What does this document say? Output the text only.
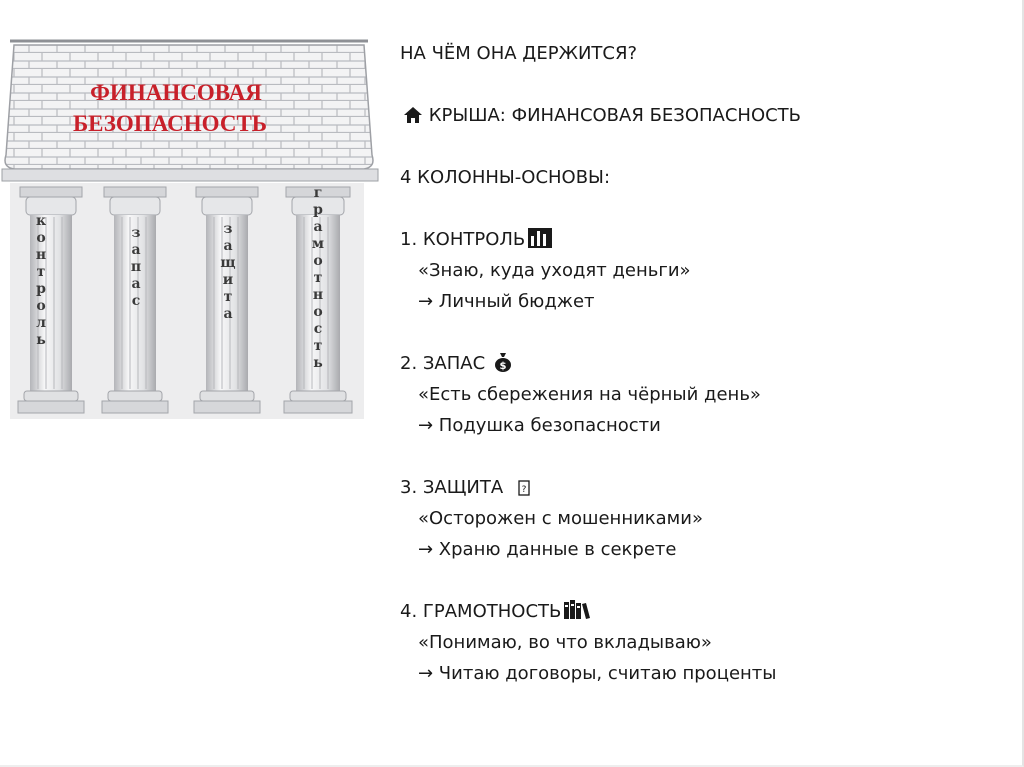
ФИНАНСОВАЯ
БЕЗОПАСНОСТЬ
к о н т р о л ь
з а п а с
з а щ и т а
г р а м о т н о с т ь
НА ЧЁМ ОНА ДЕРЖИТСЯ?
КРЫША: ФИНАНСОВАЯ БЕЗОПАСНОСТЬ
4 КОЛОННЫ-ОСНОВЫ:
1. КОНТРОЛЬ
«Знаю, куда уходят деньги»
→ Личный бюджет
2. ЗАПАС $
«Есть сбережения на чёрный день»
→ Подушка безопасности
3. ЗАЩИТА ?
«Осторожен с мошенниками»
→ Храню данные в секрете
4. ГРАМОТНОСТЬ
«Понимаю, во что вкладываю»
→ Читаю договоры, считаю проценты
